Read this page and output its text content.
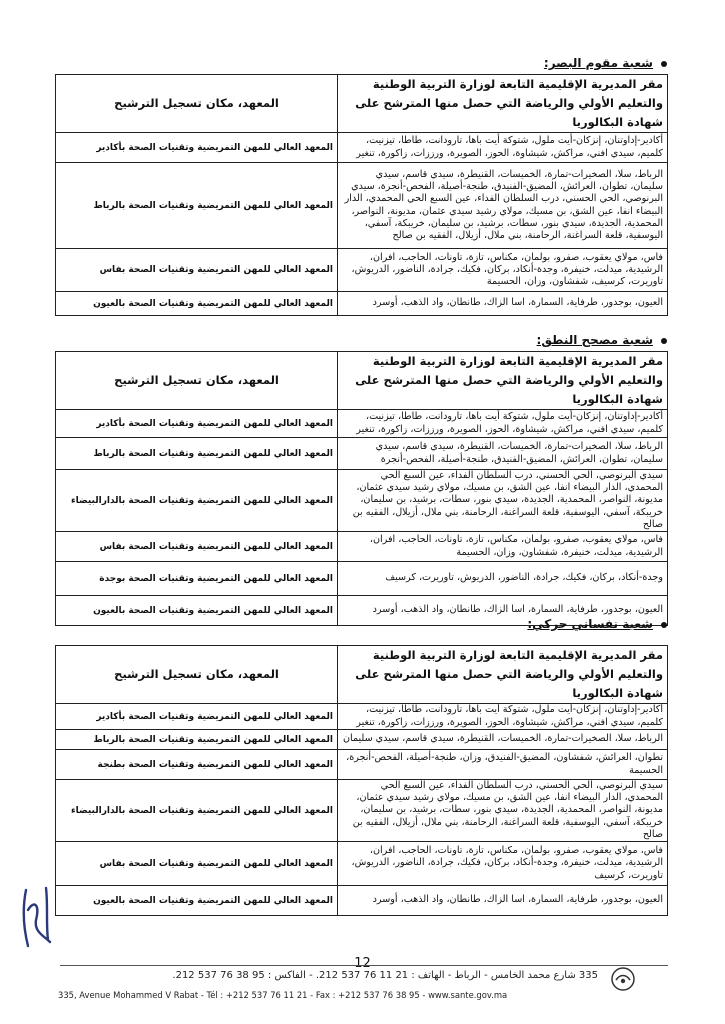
شعبة مقوم البصر:
مقر المديرية الإقليمية التابعة لوزارة التربية الوطنية والتعليم الأولي والرياضة التي حصل منها المترشح على شهادة البكالوريا	المعهد، مكان تسجيل الترشيح
أكادير-إداوتنان، إنزكان-أيت ملول، شتوكة أيت باها، تارودانت، طاطا، تيزنيت، كلميم، سيدي افني، مراكش، شيشاوة، الحوز، الصويرة، ورززات، زاكورة، تنغير	المعهد العالي للمهن التمريضية وتقنيات الصحة بأكادير
الرباط، سلا، الصخيرات-تمارة، الخميسات، القنيطرة، سيدي قاسم، سيدي سليمان، تطوان، العرائش، المضيق-الفنيدق، طنجة-أصيلة، الفحص-أنجرة، سيدي البرنوصي، الحي الحسني، درب السلطان الفداء، عين السبع الحي المحمدي، الدار البيضاء انفا، عين الشق، بن مسيك، مولاي رشيد سيدي عثمان، مديونة، النواصر، المحمدية، الجديدة، سيدي بنور، سطات، برشيد، بن سليمان، خريبكة، آسفي، اليوسفية، قلعة السراغنة، الرحامنة، بني ملال، أزيلال، الفقيه بن صالح	المعهد العالي للمهن التمريضية وتقنيات الصحة بالرباط
فاس، مولاي يعقوب، صفرو، بولمان، مكناس، تازة، تاونات، الحاجب، افران، الرشيدية، ميدلت، خنيفرة، وجدة-أنكاد، بركان، فكيك، جرادة، الناضور، الدريوش، تاوريرت، كرسيف، شفشاون، وزان، الحسيمة	المعهد العالي للمهن التمريضية وتقنيات الصحة بفاس
العيون، بوجدور، طرفاية، السمارة، اسا الزاك، طانطان، واد الذهب، أوسرد	المعهد العالي للمهن التمريضية وتقنيات الصحة بالعيون
شعبة مصحح النطق:
مقر المديرية الإقليمية التابعة لوزارة التربية الوطنية والتعليم الأولي والرياضة التي حصل منها المترشح على شهادة البكالوريا	المعهد، مكان تسجيل الترشيح
أكادير-إداوتنان، إنزكان-أيت ملول، شتوكة أيت باها، تارودانت، طاطا، تيزنيت، كلميم، سيدي افني، مراكش، شيشاوة، الحوز، الصويرة، ورززات، زاكورة، تنغير	المعهد العالي للمهن التمريضية وتقنيات الصحة بأكادير
الرباط، سلا، الصخيرات-تمارة، الخميسات، القنيطرة، سيدي قاسم، سيدي سليمان، تطوان، العرائش، المضيق-الفنيدق، طنجة-أصيلة، الفحص-أنجرة	المعهد العالي للمهن التمريضية وتقنيات الصحة بالرباط
سيدي البرنوصي، الحي الحسني، درب السلطان الفداء، عين السبع الحي المحمدي، الدار البيضاء انفا، عين الشق، بن مسيك، مولاي رشيد سيدي عثمان، مديونة، النواصر، المحمدية، الجديدة، سيدي بنور، سطات، برشيد، بن سليمان، خريبكة، آسفي، اليوسفية، قلعة السراغنة، الرحامنة، بني ملال، أزيلال، الفقيه بن صالح	المعهد العالي للمهن التمريضية وتقنيات الصحة بالدارالبيضاء
فاس، مولاي يعقوب، صفرو، بولمان، مكناس، تازة، تاونات، الحاجب، افران، الرشيدية، ميدلت، خنيفرة، شفشاون، وزان، الحسيمة	المعهد العالي للمهن التمريضية وتقنيات الصحة بفاس
وجدة-أنكاد، بركان، فكيك، جرادة، الناضور، الدريوش، تاوريرت، كرسيف	المعهد العالي للمهن التمريضية وتقنيات الصحة بوجدة
العيون، بوجدور، طرفاية، السمارة، اسا الزاك، طانطان، واد الذهب، أوسرد	المعهد العالي للمهن التمريضية وتقنيات الصحة بالعيون
شعبة نفساني حركي:
مقر المديرية الإقليمية التابعة لوزارة التربية الوطنية والتعليم الأولي والرياضة التي حصل منها المترشح على شهادة البكالوريا	المعهد، مكان تسجيل الترشيح
أكادير-إداوتنان، إنزكان-أيت ملول، شتوكة أيت باها، تارودانت، طاطا، تيزنيت، كلميم، سيدي افني، مراكش، شيشاوة، الحوز، الصويرة، ورززات، زاكورة، تنغير	المعهد العالي للمهن التمريضية وتقنيات الصحة بأكادير
الرباط، سلا، الصخيرات-تمارة، الخميسات، القنيطرة، سيدي قاسم، سيدي سليمان	المعهد العالي للمهن التمريضية وتقنيات الصحة بالرباط
تطوان، العرائش، شفشاون، المضيق-الفنيدق، وزان، طنجة-أصيلة، الفحص-أنجرة، الحسيمة	المعهد العالي للمهن التمريضية وتقنيات الصحة بطنجة
سيدي البرنوصي، الحي الحسني، درب السلطان الفداء، عين السبع الحي المحمدي، الدار البيضاء انفا، عين الشق، بن مسيك، مولاي رشيد سيدي عثمان، مديونة، النواصر، المحمدية، الجديدة، سيدي بنور، سطات، برشيد، بن سليمان، خريبكة، آسفي، اليوسفية، قلعة السراغنة، الرحامنة، بني ملال، أزيلال، الفقيه بن صالح	المعهد العالي للمهن التمريضية وتقنيات الصحة بالدارالبيضاء
فاس، مولاي يعقوب، صفرو، بولمان، مكناس، تازة، تاونات، الحاجب، افران، الرشيدية، ميدلت، خنيفرة، وجدة-أنكاد، بركان، فكيك، جرادة، الناضور، الدريوش، تاوريرت، كرسيف	المعهد العالي للمهن التمريضية وتقنيات الصحة بفاس
العيون، بوجدور، طرفاية، السمارة، اسا الزاك، طانطان، واد الذهب، أوسرد	المعهد العالي للمهن التمريضية وتقنيات الصحة بالعيون
12
335 شارع محمد الخامس - الرباط - الهاتف : 21 11 76 537 212. - الفاكس : 95 38 76 537 212.
335, Avenue Mohammed V Rabat - Tél : +212 537 76 11 21 - Fax : +212 537 76 38 95 - www.sante.gov.ma
